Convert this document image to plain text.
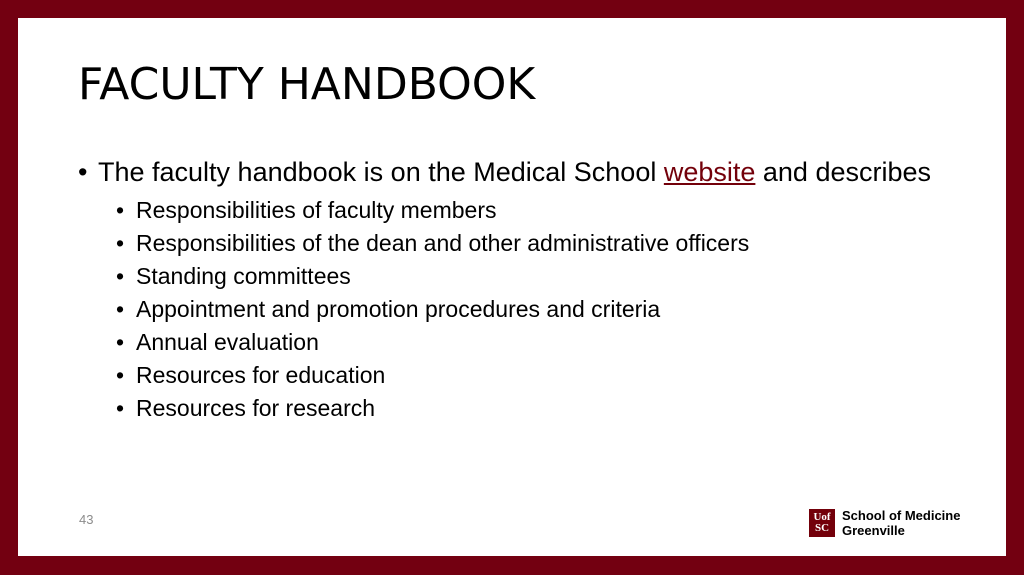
FACULTY HANDBOOK
• The faculty handbook is on the Medical School website and describes
• Responsibilities of faculty members
• Responsibilities of the dean and other administrative officers
• Standing committees
• Appointment and promotion procedures and criteria
• Annual evaluation
• Resources for education
• Resources for research
43	Uof
SC
School of Medicine
Greenville
